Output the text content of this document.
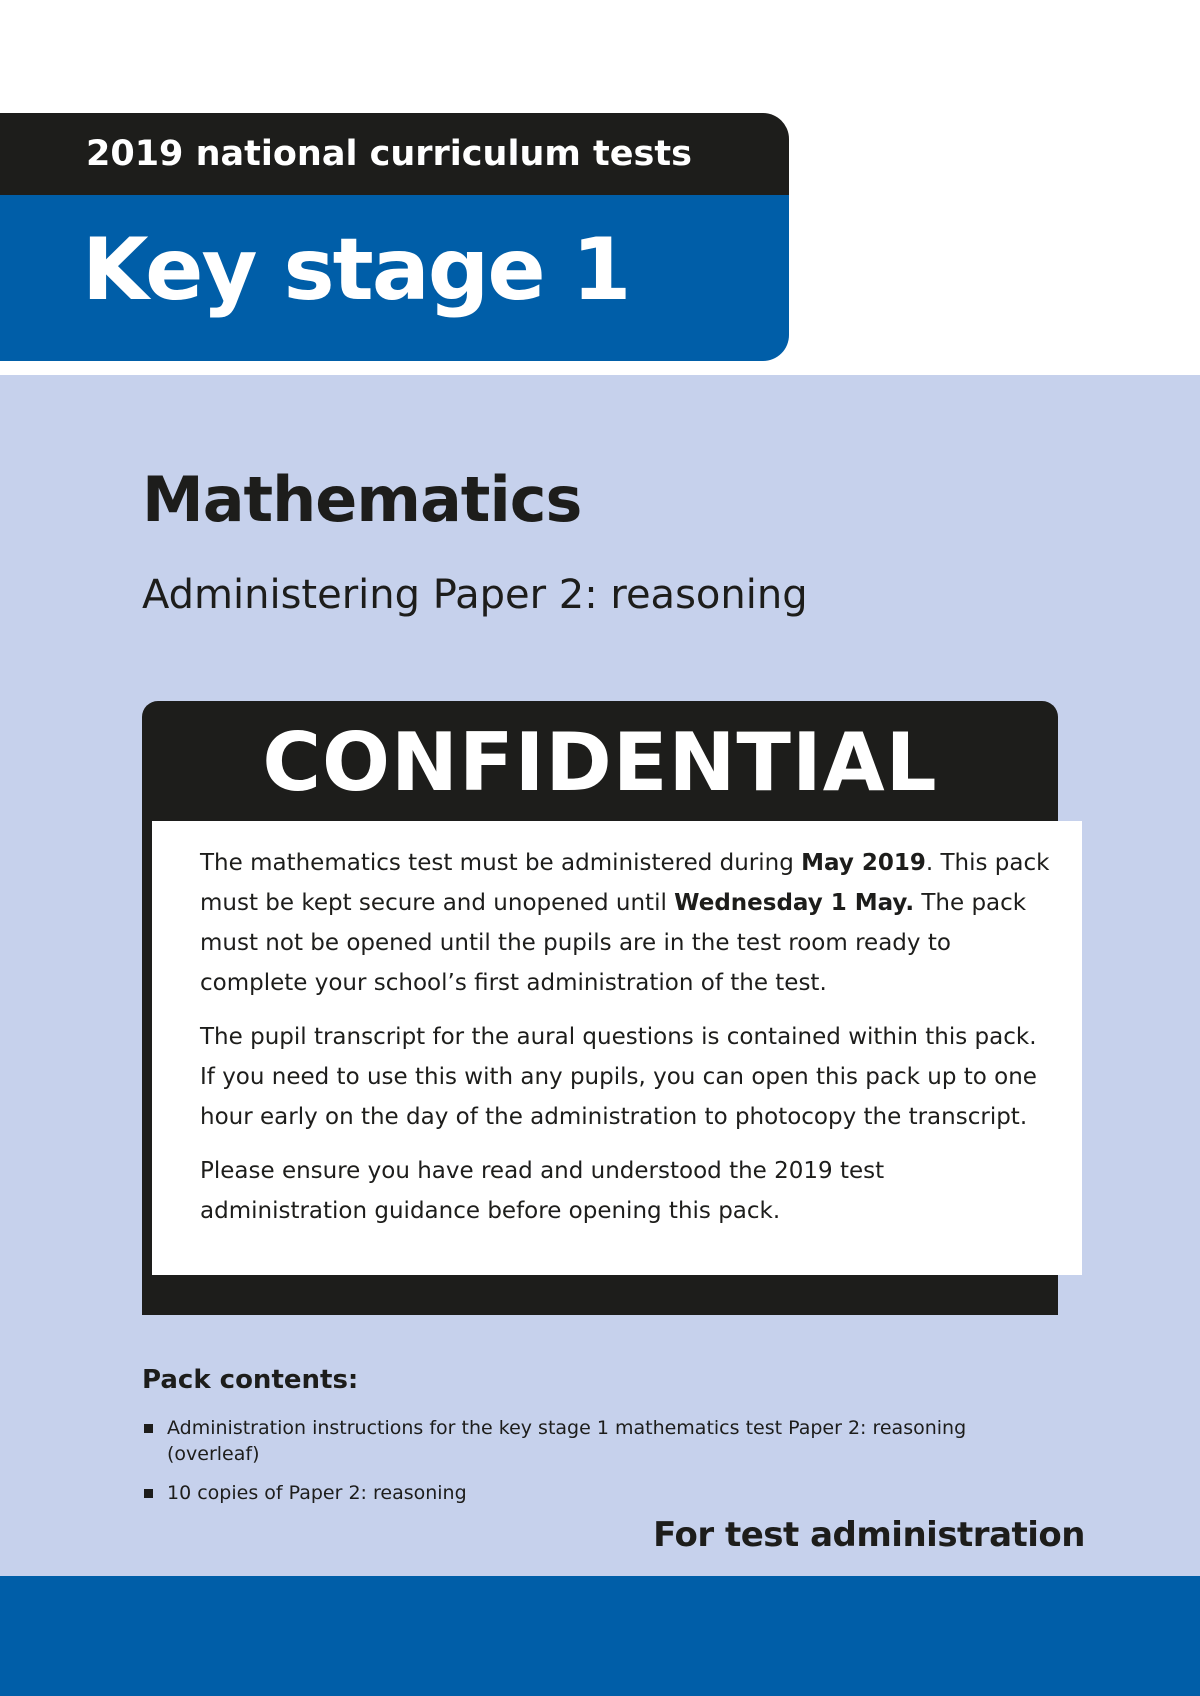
2019 national curriculum tests
Key stage 1
Mathematics

Administering Paper 2: reasoning

CONFIDENTIAL

The mathematics test must be administered during May 2019. This pack must be kept secure and unopened until Wednesday 1 May. The pack must not be opened until the pupils are in the test room ready to complete your school’s first administration of the test.

The pupil transcript for the aural questions is contained within this pack. If you need to use this with any pupils, you can open this pack up to one hour early on the day of the administration to photocopy the transcript.

Please ensure you have read and understood the 2019 test administration guidance before opening this pack.

Pack contents:
Administration instructions for the key stage 1 mathematics test Paper 2: reasoning (overleaf)
10 copies of Paper 2: reasoning

For test administration
